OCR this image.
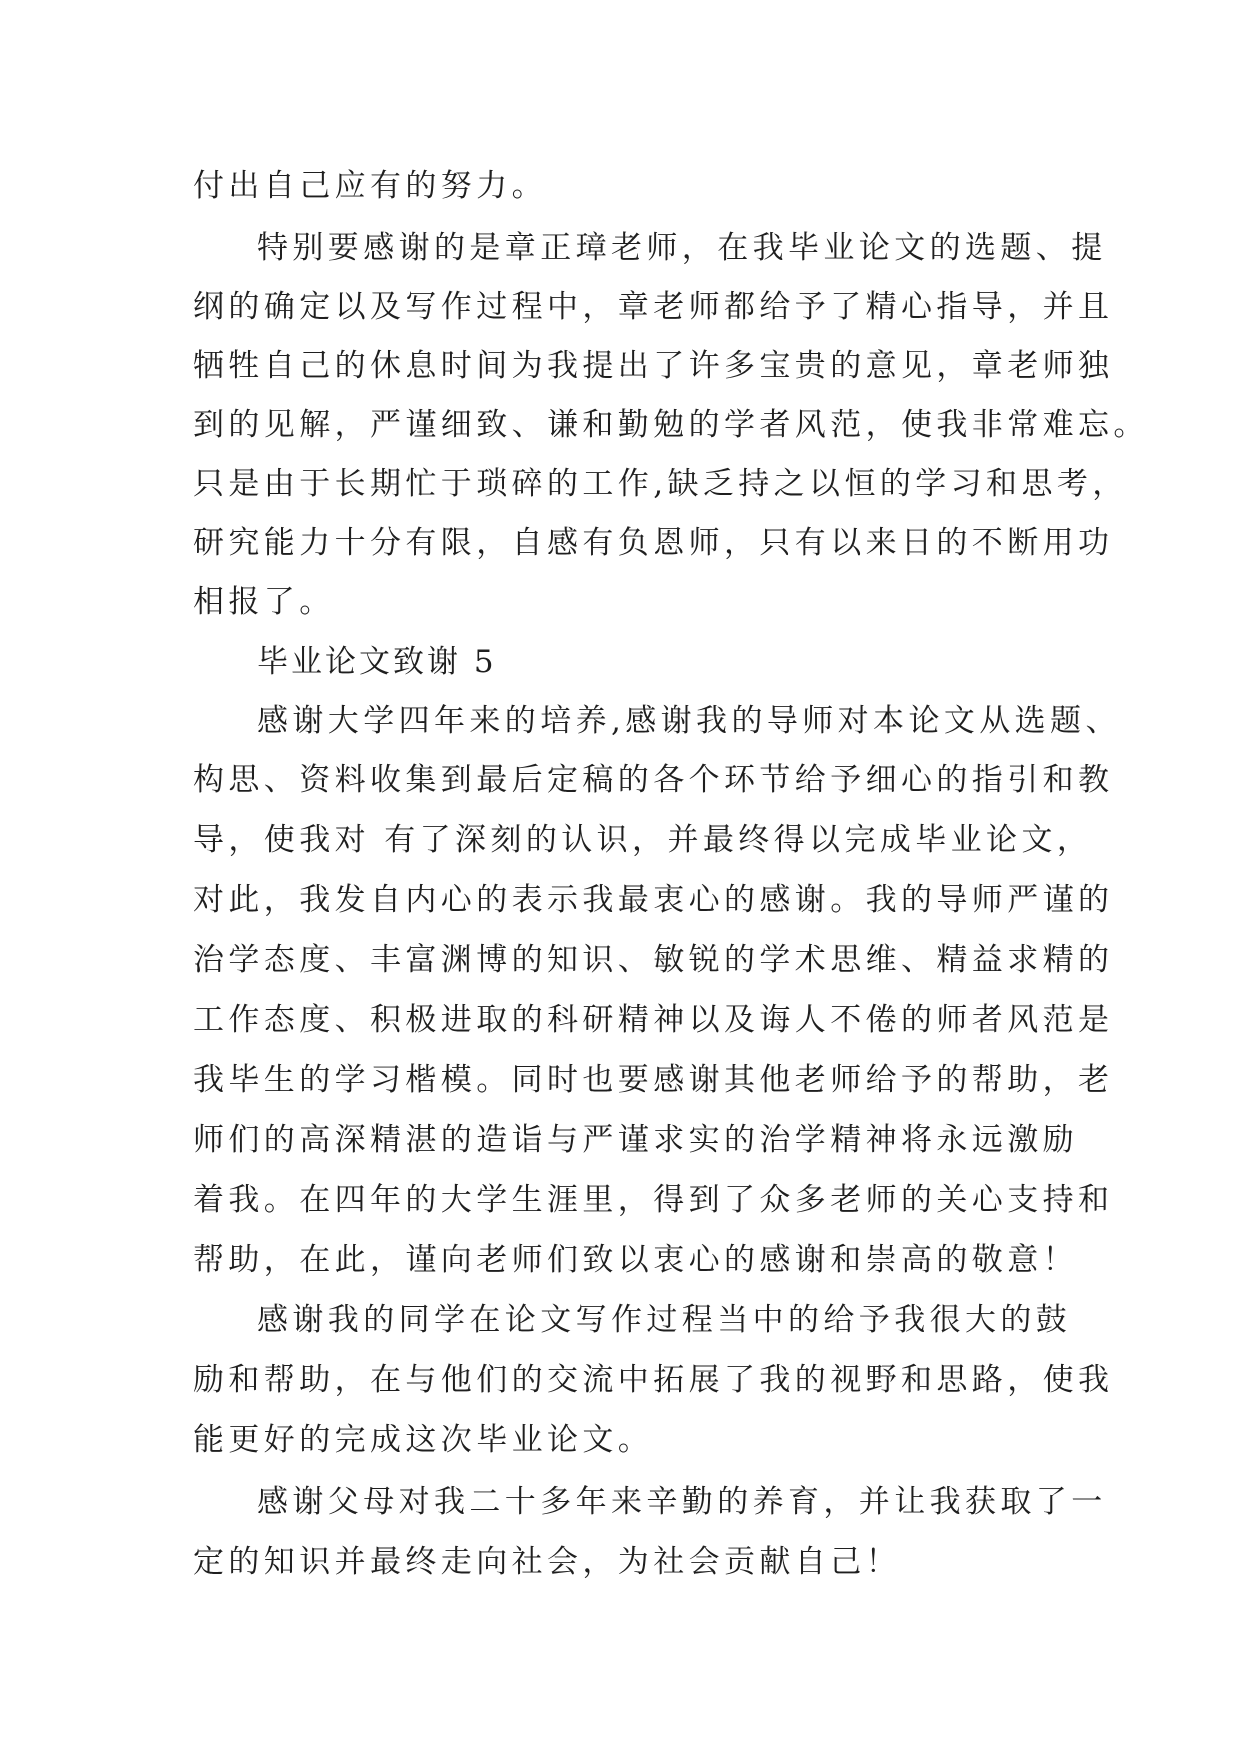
付出自己应有的努力。
特别要感谢的是章正璋老师，在我毕业论文的选题、提
纲的确定以及写作过程中，章老师都给予了精心指导，并且
牺牲自己的休息时间为我提出了许多宝贵的意见，章老师独
到的见解，严谨细致、谦和勤勉的学者风范，使我非常难忘。
只是由于长期忙于琐碎的工作,缺乏持之以恒的学习和思考，
研究能力十分有限，自感有负恩师，只有以来日的不断用功
相报了。
毕业论文致谢 5
感谢大学四年来的培养,感谢我的导师对本论文从选题、
构思、资料收集到最后定稿的各个环节给予细心的指引和教
导，使我对 有了深刻的认识，并最终得以完成毕业论文，
对此，我发自内心的表示我最衷心的感谢。我的导师严谨的
治学态度、丰富渊博的知识、敏锐的学术思维、精益求精的
工作态度、积极进取的科研精神以及诲人不倦的师者风范是
我毕生的学习楷模。同时也要感谢其他老师给予的帮助，老
师们的高深精湛的造诣与严谨求实的治学精神将永远激励
着我。在四年的大学生涯里，得到了众多老师的关心支持和
帮助，在此，谨向老师们致以衷心的感谢和崇高的敬意！
感谢我的同学在论文写作过程当中的给予我很大的鼓
励和帮助，在与他们的交流中拓展了我的视野和思路，使我
能更好的完成这次毕业论文。
感谢父母对我二十多年来辛勤的养育，并让我获取了一
定的知识并最终走向社会，为社会贡献自己！
